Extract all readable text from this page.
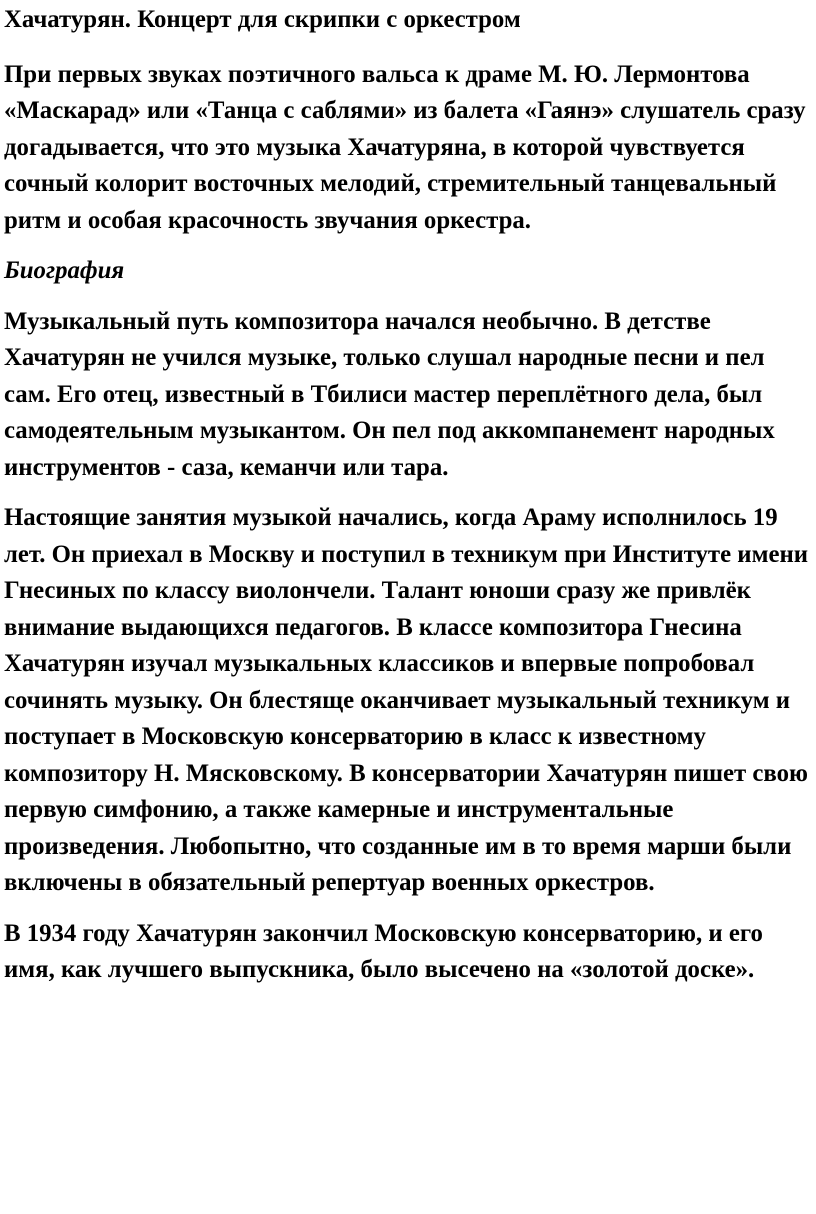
Хачатурян. Концерт для скрипки с оркестром

При первых звуках поэтичного вальса к драме М. Ю. Лермонтова «Маскарад» или «Танца с саблями» из балета «Гаянэ» слушатель сразу догадывается, что это музыка Хачатуряна, в которой чувствуется сочный колорит восточных мелодий, стремительный танцевальный ритм и особая красочность звучания оркестра.

Биография

Музыкальный путь композитора начался необычно. В детстве Хачатурян не учился музыке, только слушал народные песни и пел сам. Его отец, известный в Тбилиси мастер переплётного дела, был самодеятельным музыкантом. Он пел под аккомпанемент народных инструментов - саза, кеманчи или тара.

Настоящие занятия музыкой начались, когда Араму исполнилось 19 лет. Он приехал в Москву и поступил в техникум при Институте имени Гнесиных по классу виолончели. Талант юноши сразу же привлёк внимание выдающихся педагогов. В классе композитора Гнесина Хачатурян изучал музыкальных классиков и впервые попробовал сочинять музыку. Он блестяще оканчивает музыкальный техникум и поступает в Московскую консерваторию в класс к известному композитору Н. Мясковскому. В консерватории Хачатурян пишет свою первую симфонию, а также камерные и инструментальные произведения. Любопытно, что созданные им в то время марши были включены в обязательный репертуар военных оркестров.

В 1934 году Хачатурян закончил Московскую консерваторию, и его имя, как лучшего выпускника, было высечено на «золотой доске».
